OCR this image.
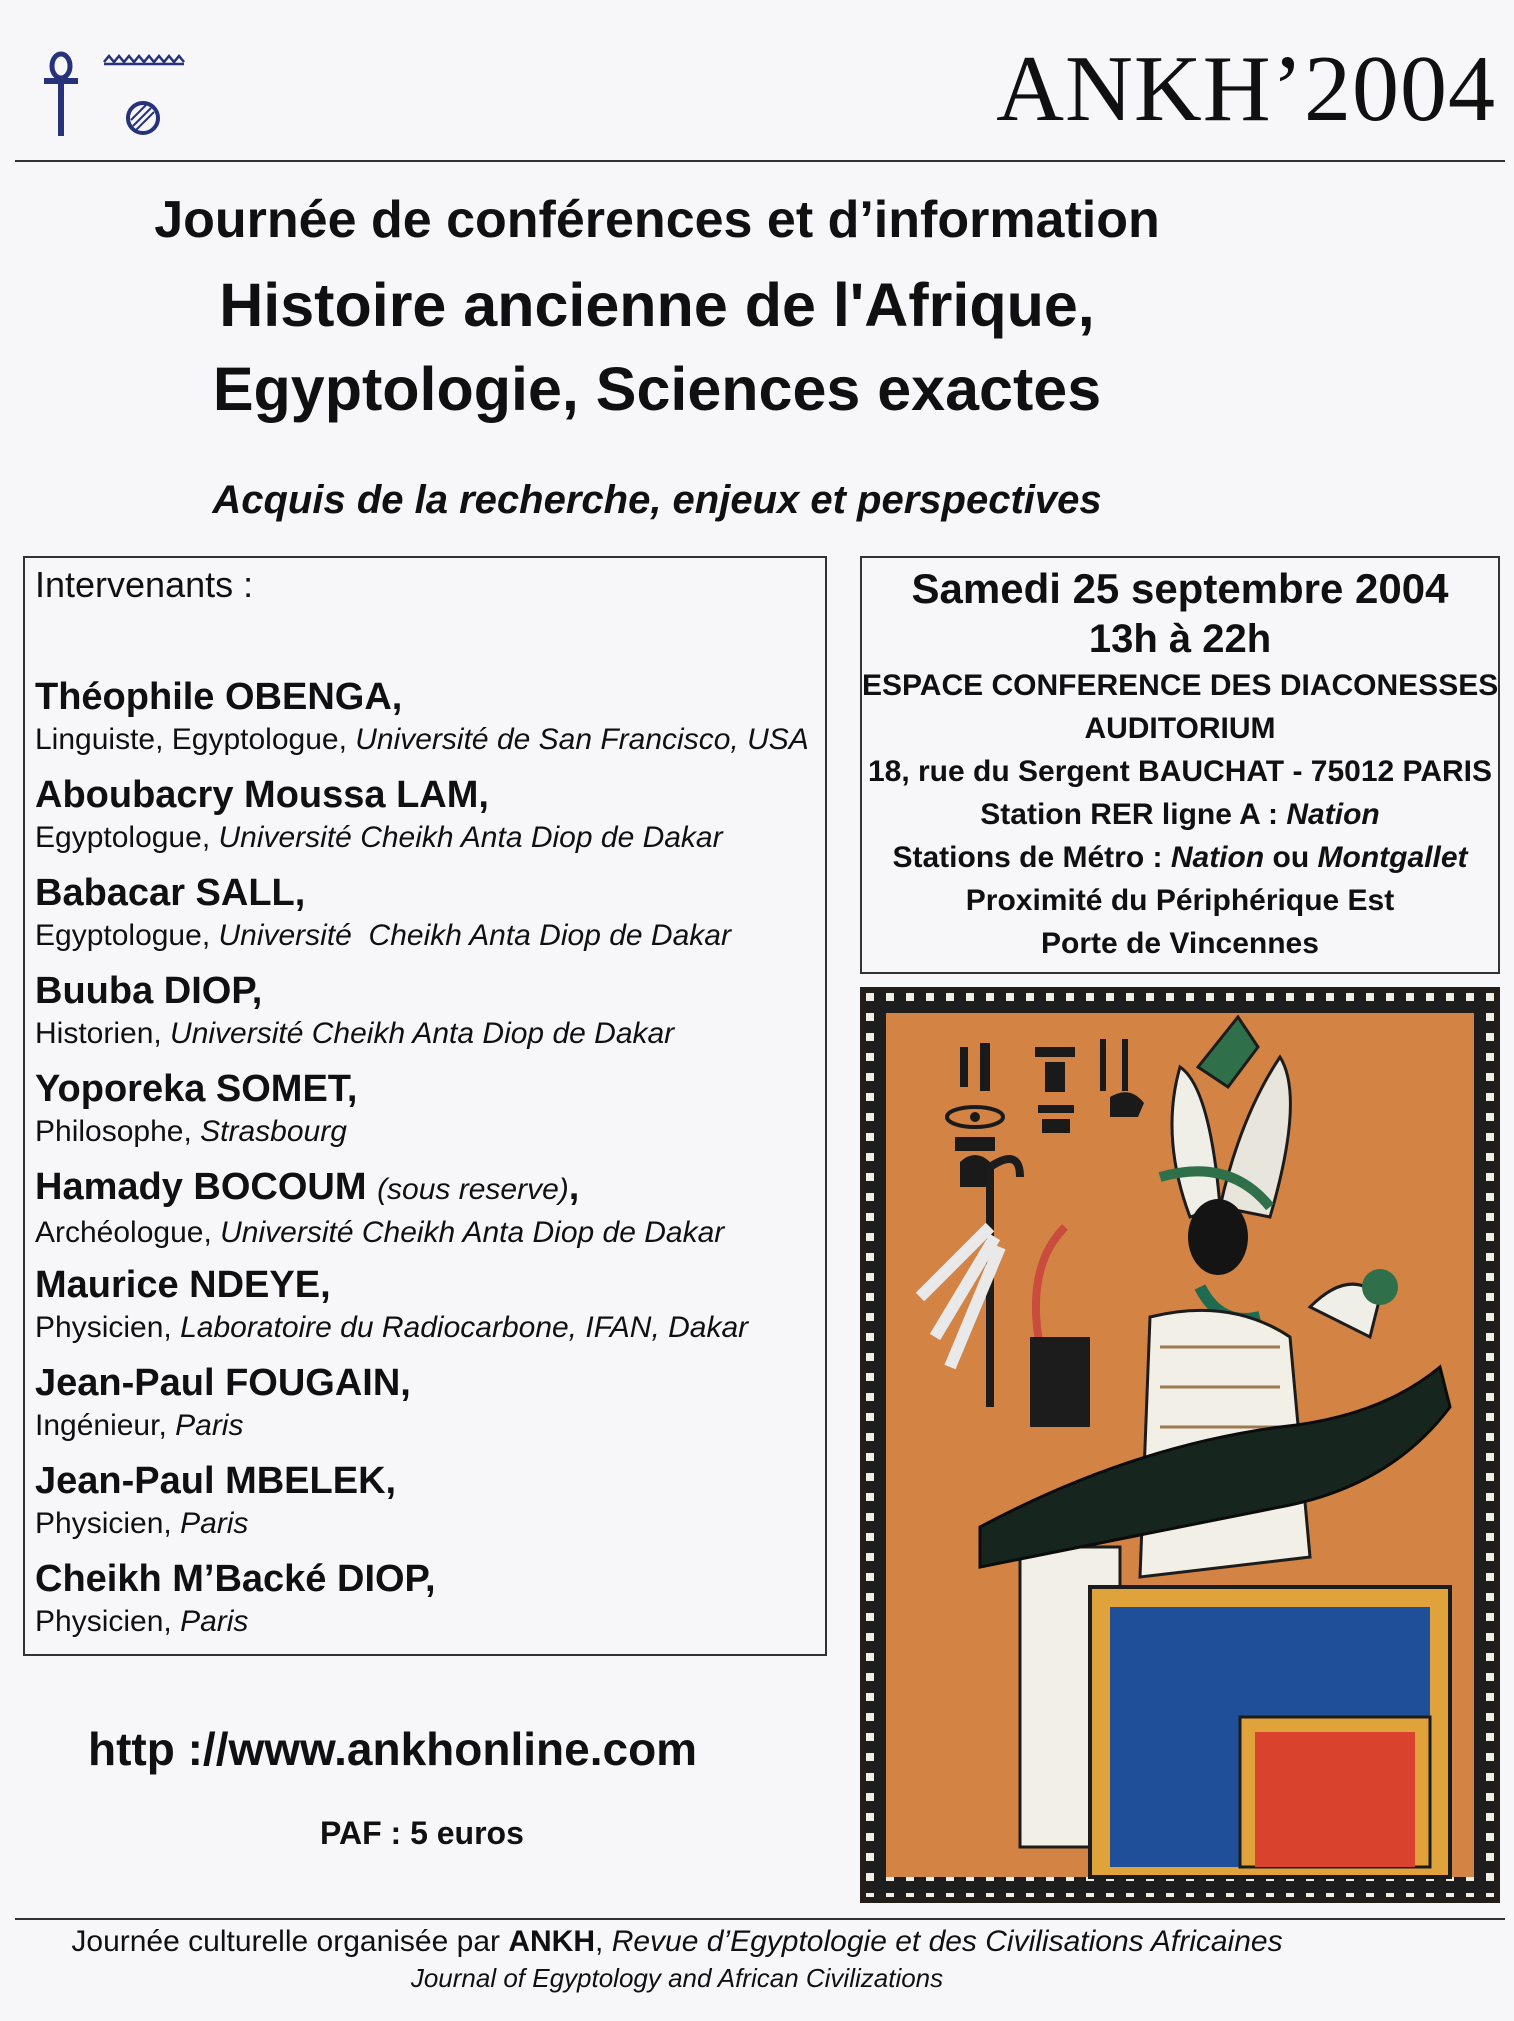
ANKH’2004
Journée de conférences et d’information
Histoire ancienne de l'Afrique,
Egyptologie, Sciences exactes
Acquis de la recherche, enjeux et perspectives
Intervenants :
Théophile OBENGA,
Linguiste, Egyptologue, Université de San Francisco, USA
Aboubacry Moussa LAM,
Egyptologue, Université Cheikh Anta Diop de Dakar
Babacar SALL,
Egyptologue, Université  Cheikh Anta Diop de Dakar
Buuba DIOP,
Historien, Université Cheikh Anta Diop de Dakar
Yoporeka SOMET,
Philosophe, Strasbourg
Hamady BOCOUM (sous reserve),
Archéologue, Université Cheikh Anta Diop de Dakar
Maurice NDEYE,
Physicien, Laboratoire du Radiocarbone, IFAN, Dakar
Jean-Paul FOUGAIN,
Ingénieur, Paris
Jean-Paul MBELEK,
Physicien, Paris
Cheikh M’Backé DIOP,
Physicien, Paris
Samedi 25 septembre 2004
13h à 22h
ESPACE CONFERENCE DES DIACONESSES
AUDITORIUM
18, rue du Sergent BAUCHAT - 75012 PARIS
Station RER ligne A : Nation
Stations de Métro : Nation ou Montgallet
Proximité du Périphérique Est
Porte de Vincennes
http ://www.ankhonline.com
PAF : 5 euros
Journée culturelle organisée par ANKH, Revue d’Egyptologie et des Civilisations Africaines
Journal of Egyptology and African Civilizations
